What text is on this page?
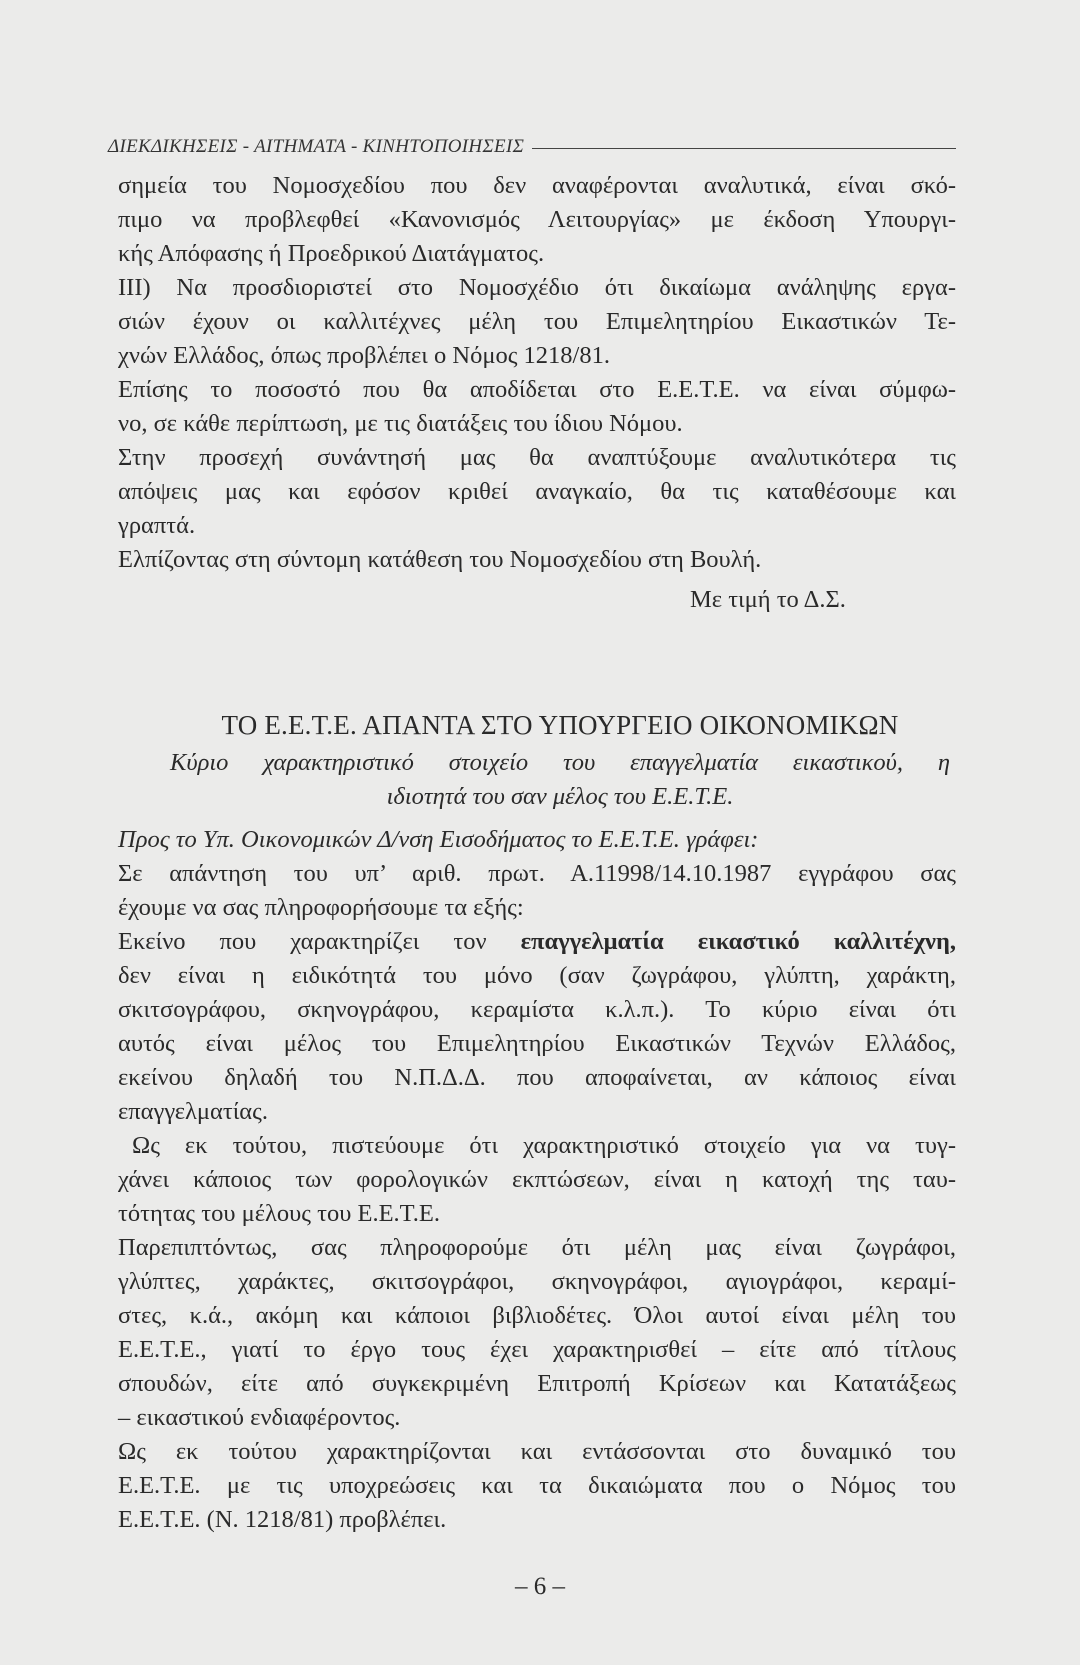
ΔΙΕΚΔΙΚΗΣΕΙΣ - ΑΙΤΗΜΑΤΑ - ΚΙΝΗΤΟΠΟΙΗΣΕΙΣ
σημεία του Νομοσχεδίου που δεν αναφέρονται αναλυτικά, είναι σκό-
πιμο να προβλεφθεί «Κανονισμός Λειτουργίας» με έκδοση Υπουργι-
κής Απόφασης ή Προεδρικού Διατάγματος.
III) Να προσδιοριστεί στο Νομοσχέδιο ότι δικαίωμα ανάληψης εργα-
σιών έχουν οι καλλιτέχνες μέλη του Επιμελητηρίου Εικαστικών Τε-
χνών Ελλάδος, όπως προβλέπει ο Νόμος 1218/81.
Επίσης το ποσοστό που θα αποδίδεται στο Ε.Ε.Τ.Ε. να είναι σύμφω-
νο, σε κάθε περίπτωση, με τις διατάξεις του ίδιου Νόμου.
Στην προσεχή συνάντησή μας θα αναπτύξουμε αναλυτικότερα τις
απόψεις μας και εφόσον κριθεί αναγκαίο, θα τις καταθέσουμε και
γραπτά.
Ελπίζοντας στη σύντομη κατάθεση του Νομοσχεδίου στη Βουλή.
Με τιμή το Δ.Σ.
ΤΟ Ε.Ε.Τ.Ε. ΑΠΑΝΤΑ ΣΤΟ ΥΠΟΥΡΓΕΙΟ ΟΙΚΟΝΟΜΙΚΩΝ
Κύριο χαρακτηριστικό στοιχείο του επαγγελματία εικαστικού, η
ιδιοτητά του σαν μέλος του Ε.Ε.Τ.Ε.
Προς το Υπ. Οικονομικών Δ/νση Εισοδήματος το Ε.Ε.Τ.Ε. γράφει:
Σε απάντηση του υπ’ αριθ. πρωτ. Α.11998/14.10.1987 εγγράφου σας
έχουμε να σας πληροφορήσουμε τα εξής:
Εκείνο που χαρακτηρίζει τον επαγγελματία εικαστικό καλλιτέχνη,
δεν είναι η ειδικότητά του μόνο (σαν ζωγράφου, γλύπτη, χαράκτη,
σκιτσογράφου, σκηνογράφου, κεραμίστα κ.λ.π.). Το κύριο είναι ότι
αυτός είναι μέλος του Επιμελητηρίου Εικαστικών Τεχνών Ελλάδος,
εκείνου δηλαδή του Ν.Π.Δ.Δ. που αποφαίνεται, αν κάποιος είναι
επαγγελματίας.
Ως εκ τούτου, πιστεύουμε ότι χαρακτηριστικό στοιχείο για να τυγ-
χάνει κάποιος των φορολογικών εκπτώσεων, είναι η κατοχή της ταυ-
τότητας του μέλους του Ε.Ε.Τ.Ε.
Παρεπιπτόντως, σας πληροφορούμε ότι μέλη μας είναι ζωγράφοι,
γλύπτες, χαράκτες, σκιτσογράφοι, σκηνογράφοι, αγιογράφοι, κεραμί-
στες, κ.ά., ακόμη και κάποιοι βιβλιοδέτες. Όλοι αυτοί είναι μέλη του
Ε.Ε.Τ.Ε., γιατί το έργο τους έχει χαρακτηρισθεί – είτε από τίτλους
σπουδών, είτε από συγκεκριμένη Επιτροπή Κρίσεων και Κατατάξεως
– εικαστικού ενδιαφέροντος.
Ως εκ τούτου χαρακτηρίζονται και εντάσσονται στο δυναμικό του
Ε.Ε.Τ.Ε. με τις υποχρεώσεις και τα δικαιώματα που ο Νόμος του
Ε.Ε.Τ.Ε. (Ν. 1218/81) προβλέπει.
– 6 –
